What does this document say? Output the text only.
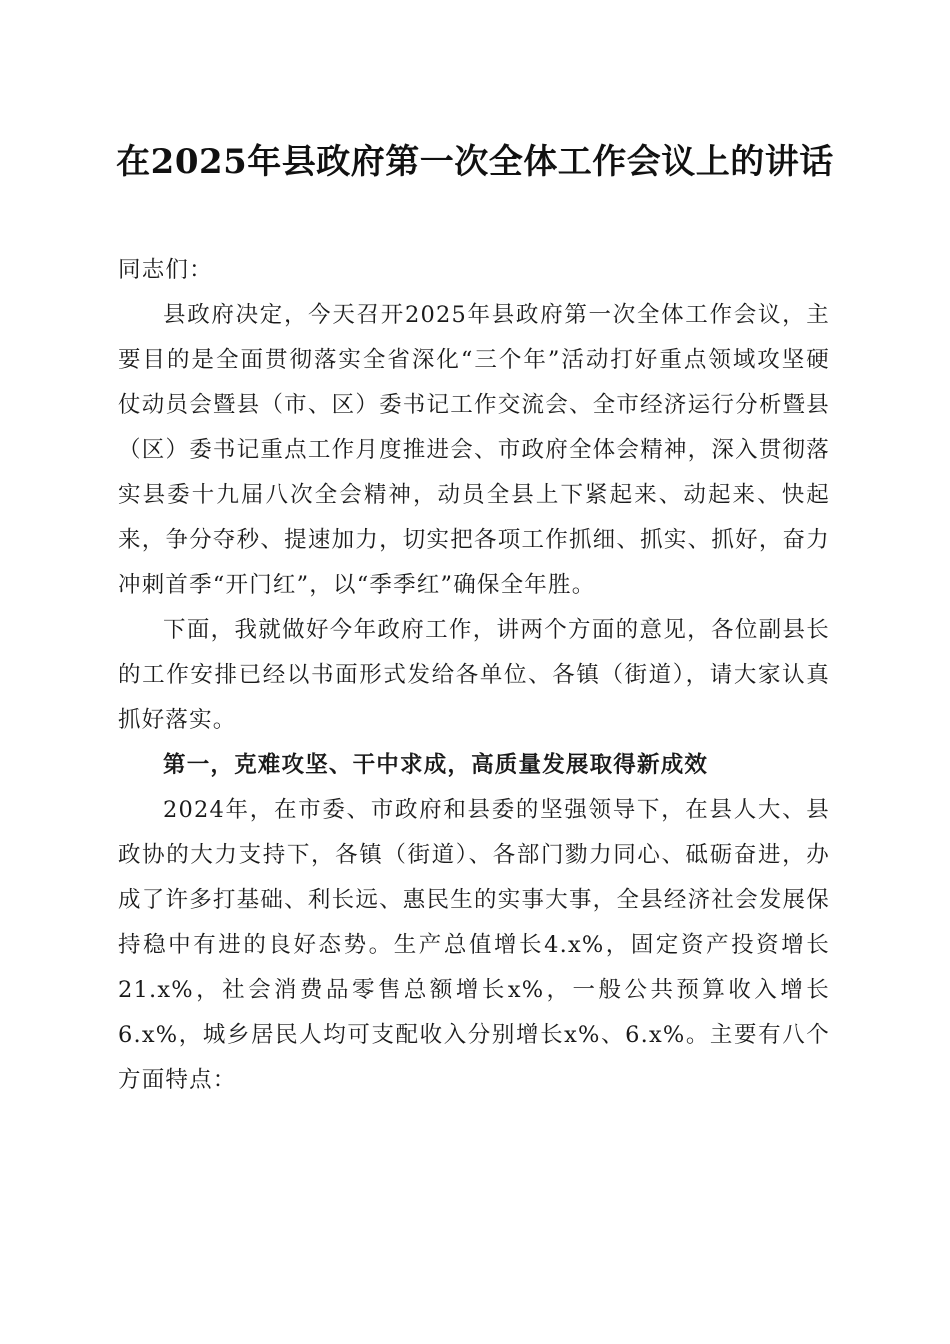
在2025年县政府第一次全体工作会议上的讲话

同志们：

县政府决定，今天召开2025年县政府第一次全体工作会议，主要目的是全面贯彻落实全省深化“三个年”活动打好重点领域攻坚硬仗动员会暨县（市、区）委书记工作交流会、全市经济运行分析暨县（区）委书记重点工作月度推进会、市政府全体会精神，深入贯彻落实县委十九届八次全会精神，动员全县上下紧起来、动起来、快起来，争分夺秒、提速加力，切实把各项工作抓细、抓实、抓好，奋力冲刺首季“开门红”，以“季季红”确保全年胜。

下面，我就做好今年政府工作，讲两个方面的意见，各位副县长的工作安排已经以书面形式发给各单位、各镇（街道），请大家认真抓好落实。

第一，克难攻坚、干中求成，高质量发展取得新成效

2024年，在市委、市政府和县委的坚强领导下，在县人大、县政协的大力支持下，各镇（街道）、各部门勠力同心、砥砺奋进，办成了许多打基础、利长远、惠民生的实事大事，全县经济社会发展保持稳中有进的良好态势。生产总值增长4.x%，固定资产投资增长21.x%，社会消费品零售总额增长x%，一般公共预算收入增长6.x%，城乡居民人均可支配收入分别增长x%、6.x%。主要有八个方面特点：
